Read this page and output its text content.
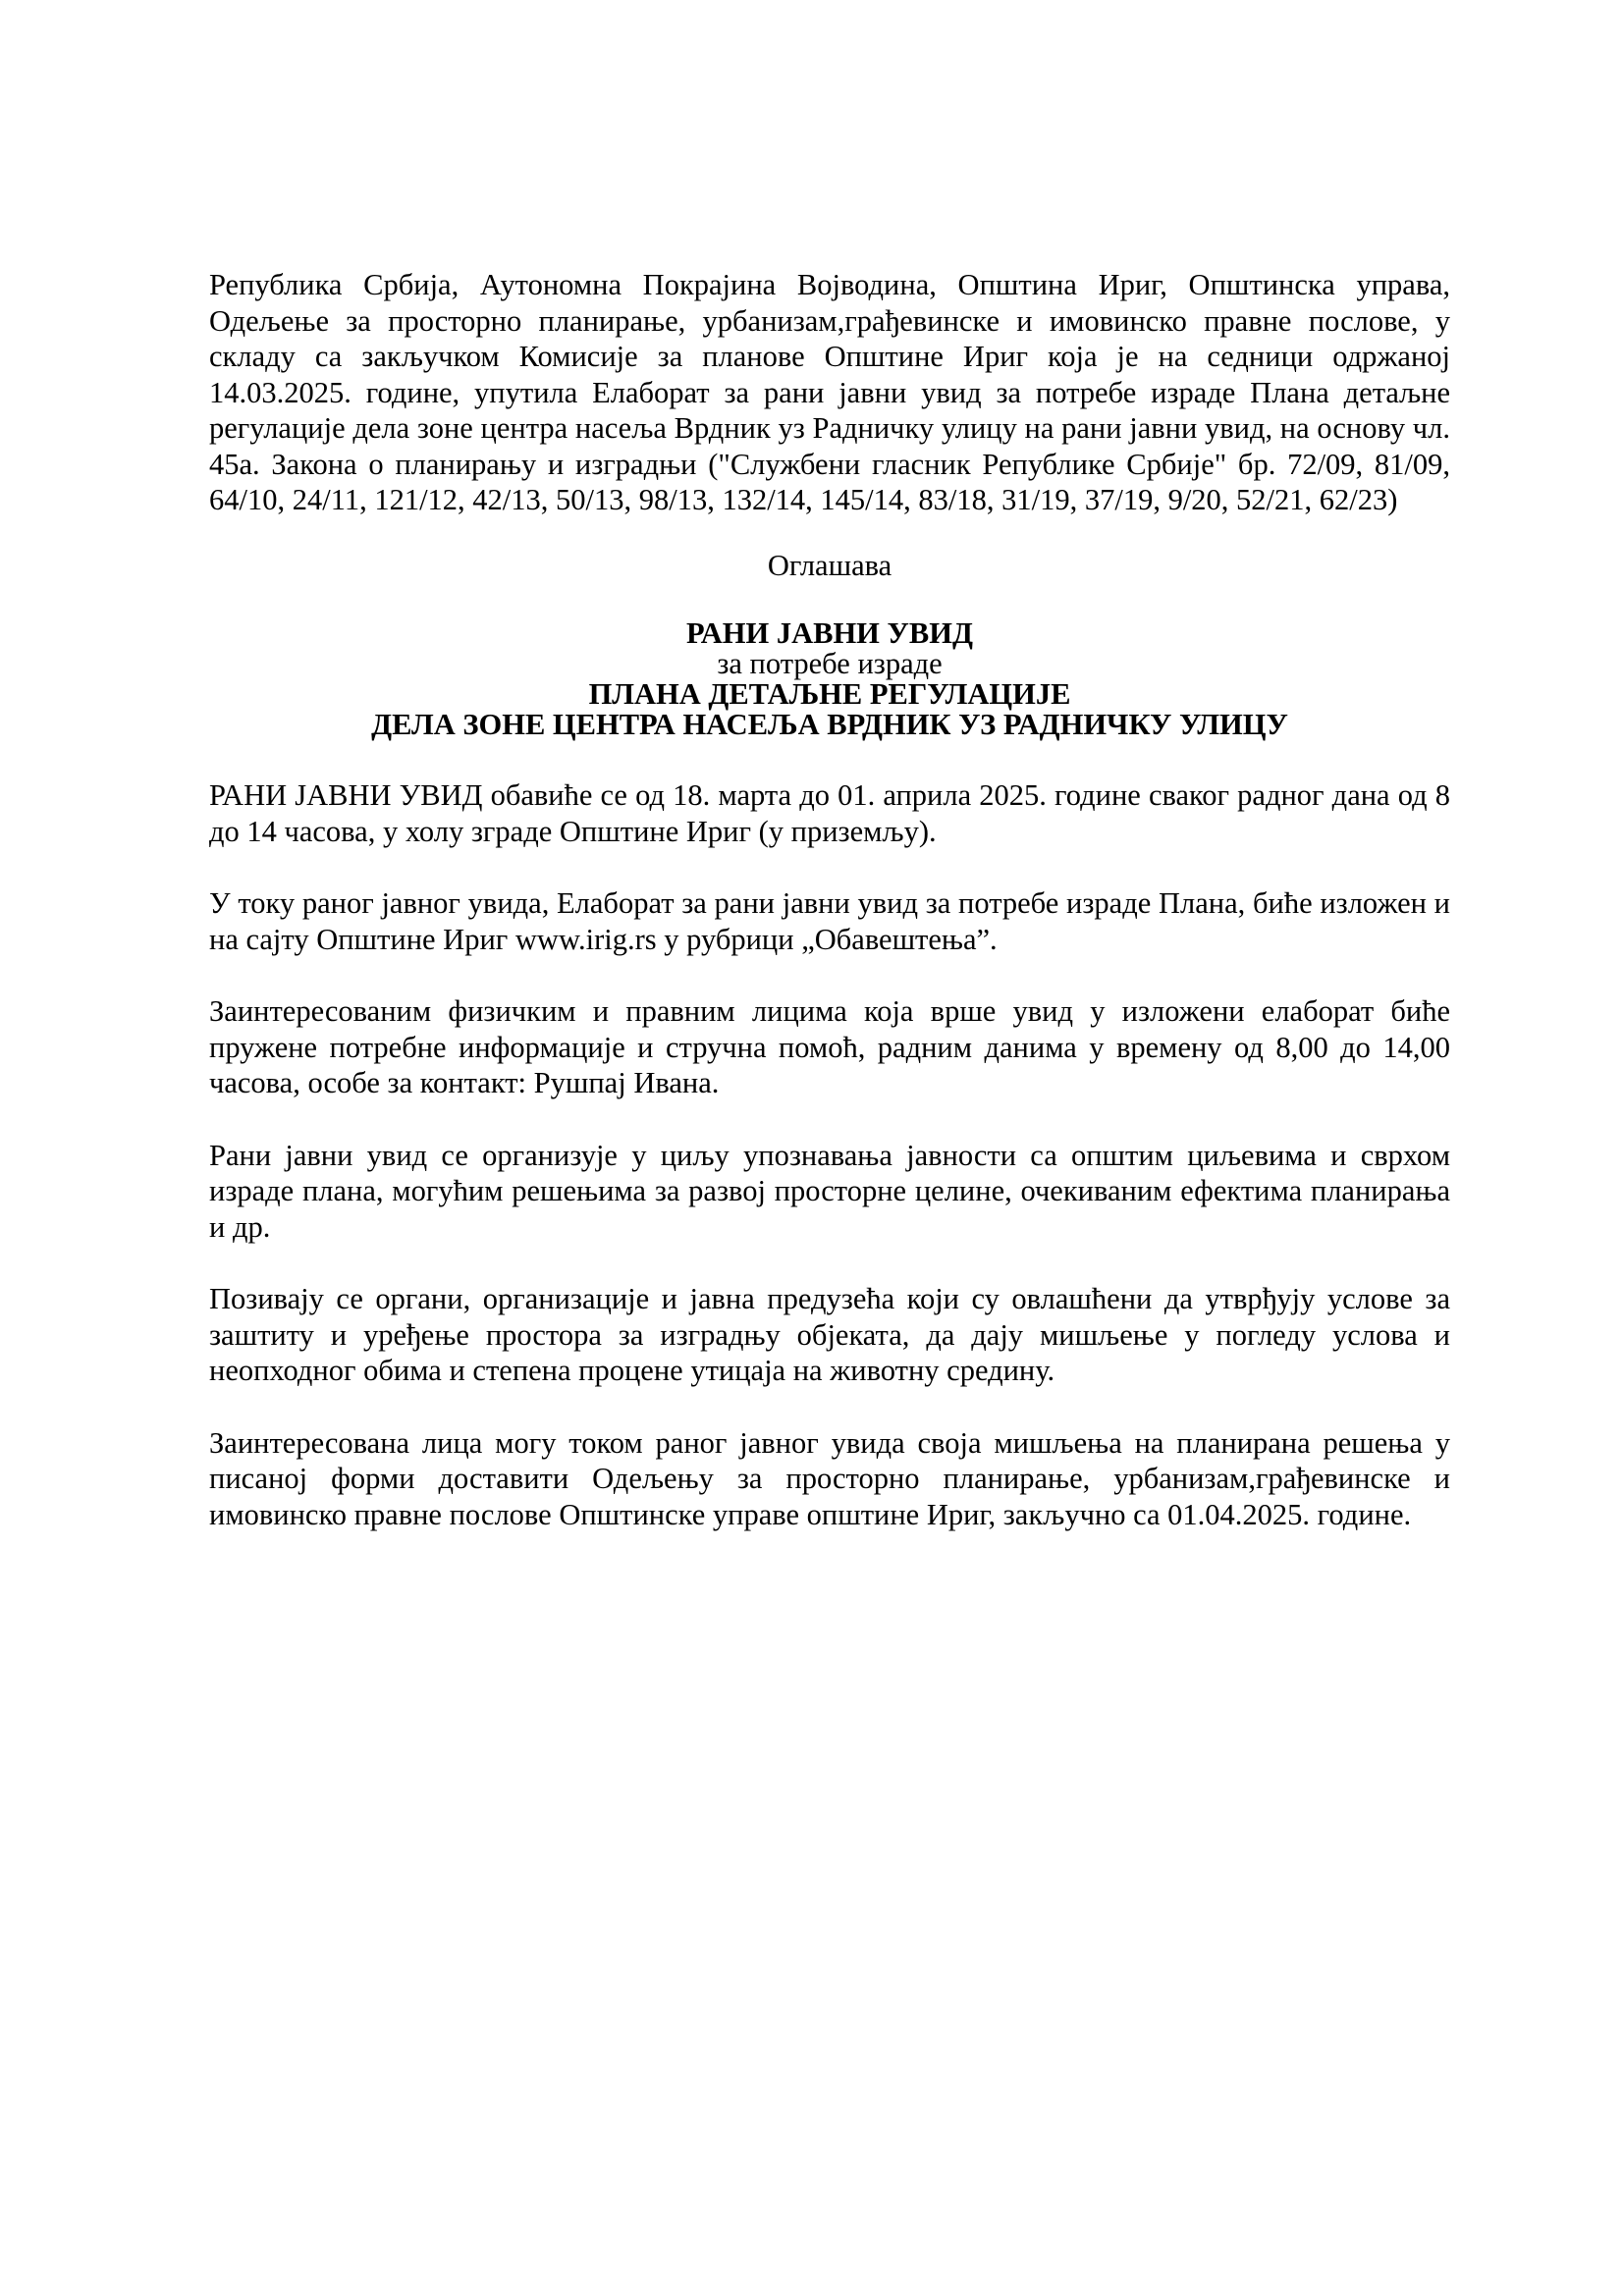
Република Србија, Аутономна Покрајина Војводина, Општина Ириг, Општинска управа, Одељење за просторно планирање, урбанизам,грађевинске и имовинско правне послове, у складу са закључком Комисије за планове Општине Ириг која је на седници одржаној 14.03.2025. године, упутила Елаборат за рани јавни увид за потребе израде Плана детаљне регулације дела зоне центра насеља Врдник уз Радничку улицу на рани јавни увид, на основу чл. 45а. Закона о планирању и изградњи ("Службени гласник Републике Србије" бр. 72/09, 81/09, 64/10, 24/11, 121/12, 42/13, 50/13, 98/13, 132/14, 145/14, 83/18, 31/19, 37/19, 9/20, 52/21, 62/23)

Оглашава

РАНИ ЈАВНИ УВИД
за потребе израде
ПЛАНА ДЕТАЉНЕ РЕГУЛАЦИЈЕ
ДЕЛА ЗОНЕ ЦЕНТРА НАСЕЉА ВРДНИК УЗ РАДНИЧКУ УЛИЦУ

РАНИ ЈАВНИ УВИД обавиће се од 18. марта до 01. априла 2025. године сваког радног дана од 8 до 14 часова, у холу зграде Општине Ириг (у приземљу).

У току раног јавног увида, Елаборат за рани јавни увид за потребе израде Плана, биће изложен и на сајту Општине Ириг www.irig.rs у рубрици „Обавештења”.

Заинтересованим физичким и правним лицима која врше увид у изложени елаборат биће пружене потребне информације и стручна помоћ, радним данима у времену од 8,00 до 14,00 часова, особе за контакт: Рушпај Ивана.

Рани јавни увид се организује у циљу упознавања јавности са општим циљевима и сврхом израде плана, могућим решењима за развој просторне целине, очекиваним ефектима планирања и др.

Позивају се органи, организације и јавна предузећа који су овлашћени да утврђују услове за заштиту и уређење простора за изградњу објеката, да дају мишљење у погледу услова и неопходног обима и степена процене утицаја на животну средину.

Заинтересована лица могу током раног јавног увида своја мишљења на планирана решења у писаној форми доставити Одељењу за просторно планирање, урбанизам,грађевинске и имовинско правне послове Општинске управе општине Ириг, закључно са 01.04.2025. године.
